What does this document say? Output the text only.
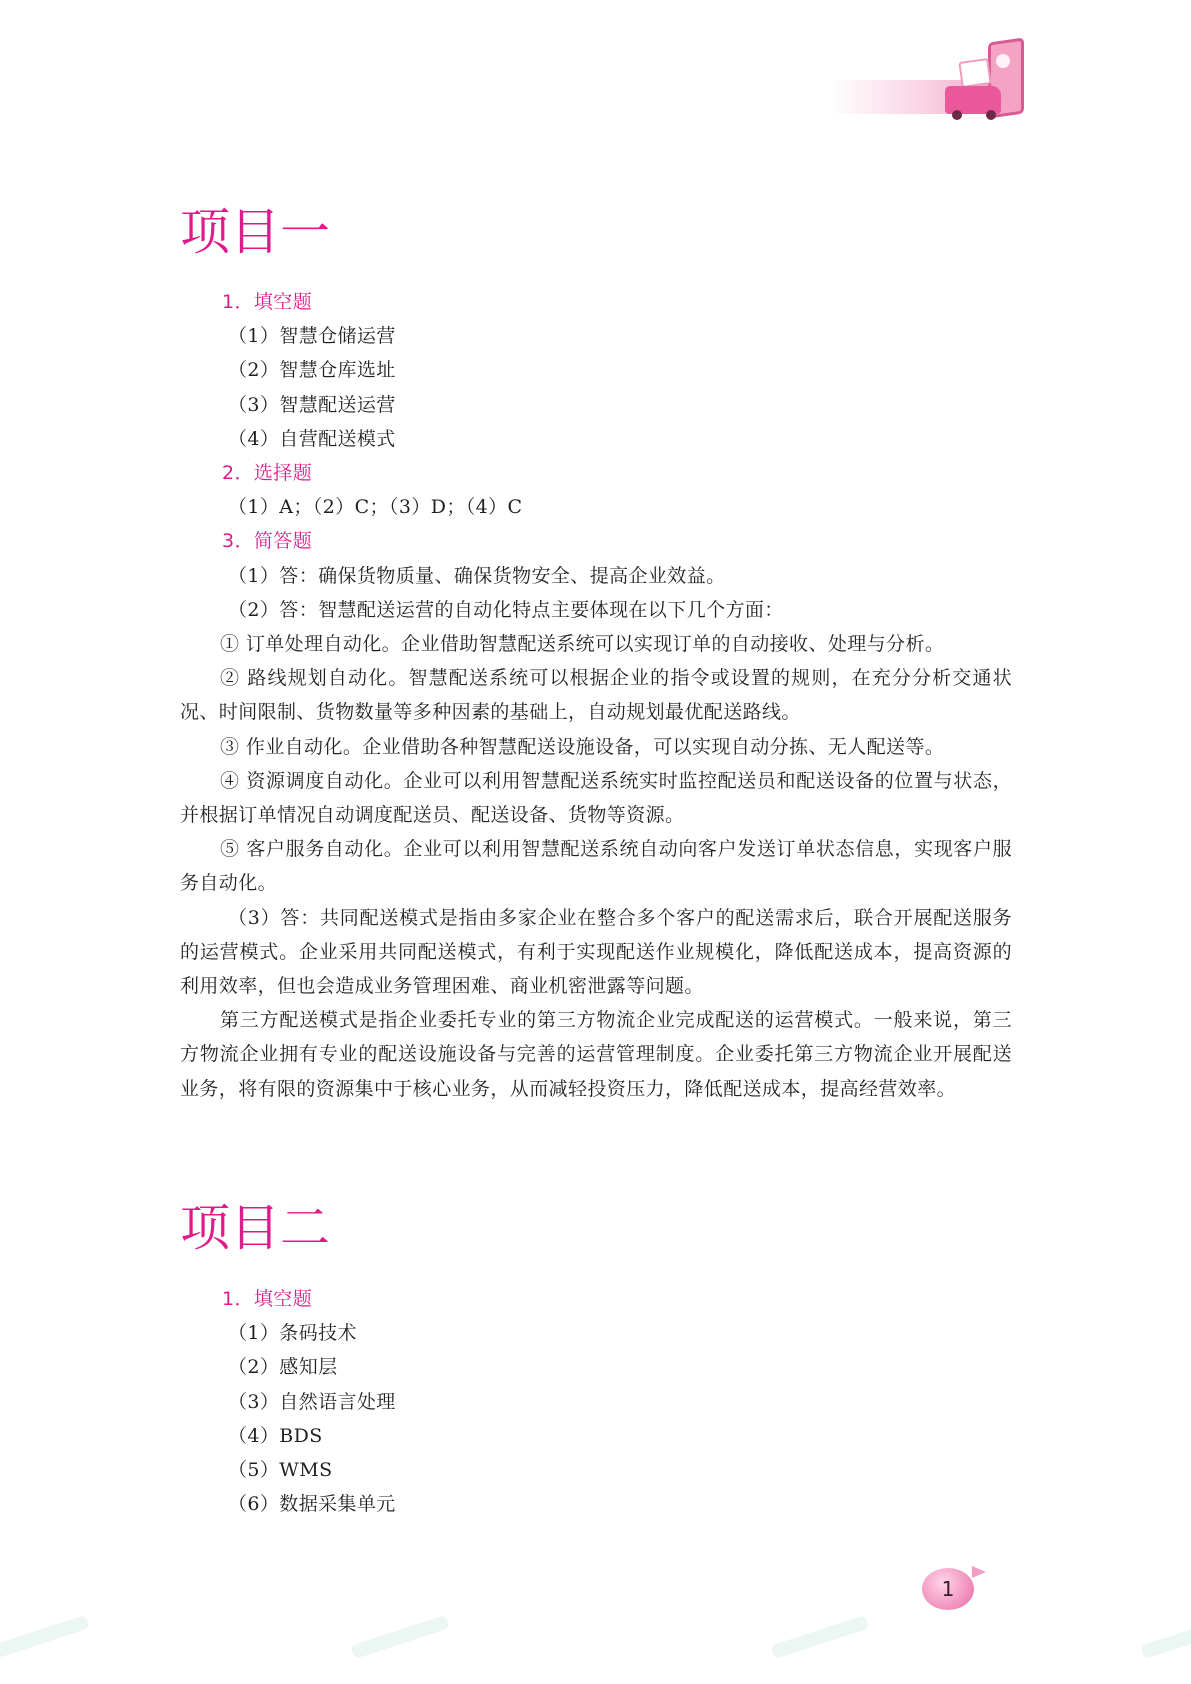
项目一

1．填空题

（1）智慧仓储运营

（2）智慧仓库选址

（3）智慧配送运营

（4）自营配送模式

2．选择题

（1）A；（2）C；（3）D；（4）C

3．简答题

（1）答：确保货物质量、确保货物安全、提高企业效益。

（2）答：智慧配送运营的自动化特点主要体现在以下几个方面：

① 订单处理自动化。企业借助智慧配送系统可以实现订单的自动接收、处理与分析。

② 路线规划自动化。智慧配送系统可以根据企业的指令或设置的规则，在充分分析交通状况、时间限制、货物数量等多种因素的基础上，自动规划最优配送路线。

③ 作业自动化。企业借助各种智慧配送设施设备，可以实现自动分拣、无人配送等。

④ 资源调度自动化。企业可以利用智慧配送系统实时监控配送员和配送设备的位置与状态，并根据订单情况自动调度配送员、配送设备、货物等资源。

⑤ 客户服务自动化。企业可以利用智慧配送系统自动向客户发送订单状态信息，实现客户服务自动化。

（3）答：共同配送模式是指由多家企业在整合多个客户的配送需求后，联合开展配送服务的运营模式。企业采用共同配送模式，有利于实现配送作业规模化，降低配送成本，提高资源的利用效率，但也会造成业务管理困难、商业机密泄露等问题。

第三方配送模式是指企业委托专业的第三方物流企业完成配送的运营模式。一般来说，第三方物流企业拥有专业的配送设施设备与完善的运营管理制度。企业委托第三方物流企业开展配送业务，将有限的资源集中于核心业务，从而减轻投资压力，降低配送成本，提高经营效率。

项目二

1．填空题

（1）条码技术

（2）感知层

（3）自然语言处理

（4）BDS

（5）WMS

（6）数据采集单元

1
